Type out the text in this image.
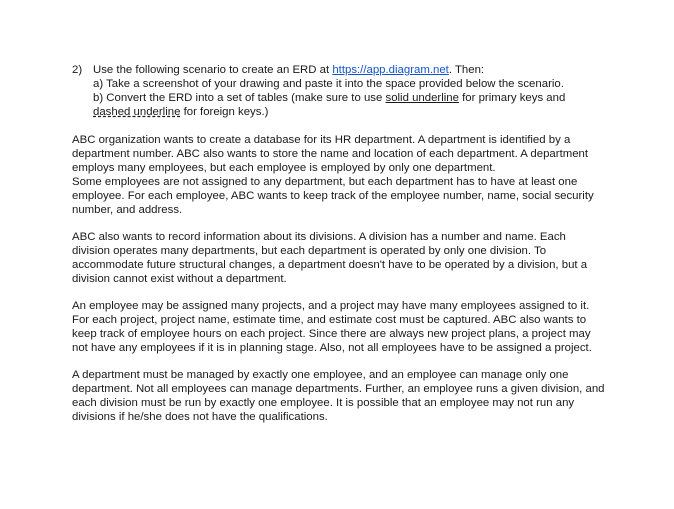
2) Use the following scenario to create an ERD at https://app.diagram.net. Then:
a) Take a screenshot of your drawing and paste it into the space provided below the scenario.
b) Convert the ERD into a set of tables (make sure to use solid underline for primary keys and
dashed underline for foreign keys.)
ABC organization wants to create a database for its HR department. A department is identified by a
department number. ABC also wants to store the name and location of each department. A department
employs many employees, but each employee is employed by only one department.
Some employees are not assigned to any department, but each department has to have at least one
employee. For each employee, ABC wants to keep track of the employee number, name, social security
number, and address.
ABC also wants to record information about its divisions. A division has a number and name. Each
division operates many departments, but each department is operated by only one division. To
accommodate future structural changes, a department doesn't have to be operated by a division, but a
division cannot exist without a department.
An employee may be assigned many projects, and a project may have many employees assigned to it.
For each project, project name, estimate time, and estimate cost must be captured. ABC also wants to
keep track of employee hours on each project. Since there are always new project plans, a project may
not have any employees if it is in planning stage. Also, not all employees have to be assigned a project.
A department must be managed by exactly one employee, and an employee can manage only one
department. Not all employees can manage departments. Further, an employee runs a given division, and
each division must be run by exactly one employee. It is possible that an employee may not run any
divisions if he/she does not have the qualifications.
